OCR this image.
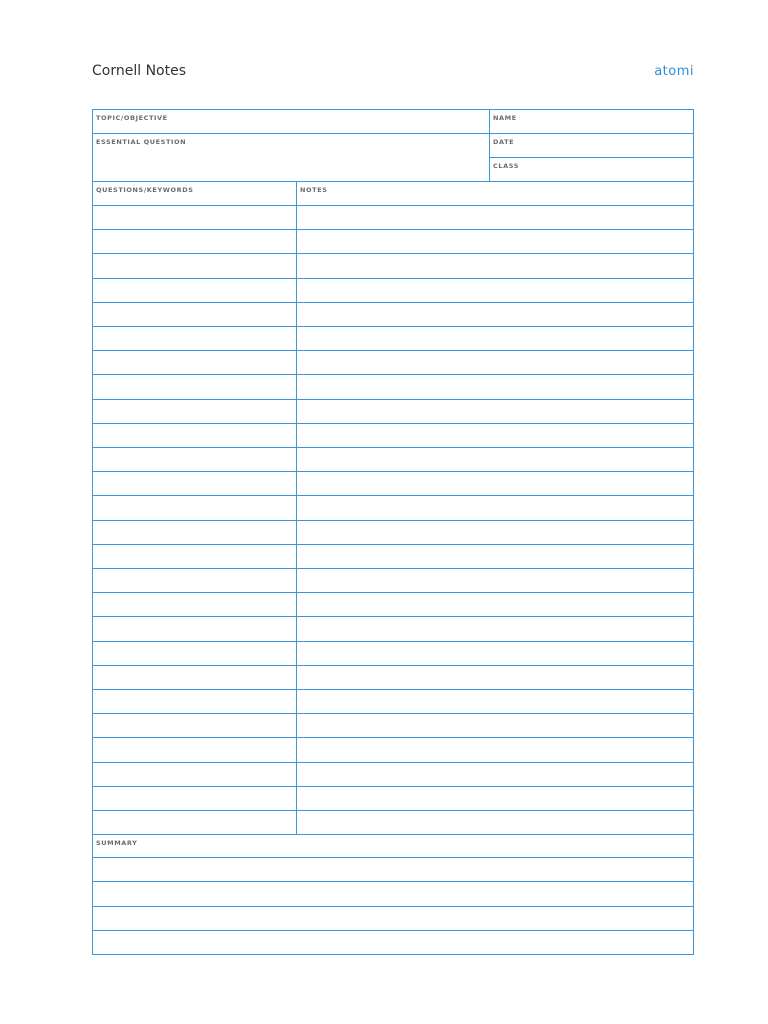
Cornell Notes	atomi
TOPIC/OBJECTIVE	NAME
ESSENTIAL QUESTION	DATE
CLASS
QUESTIONS/KEYWORDS	NOTES
SUMMARY
